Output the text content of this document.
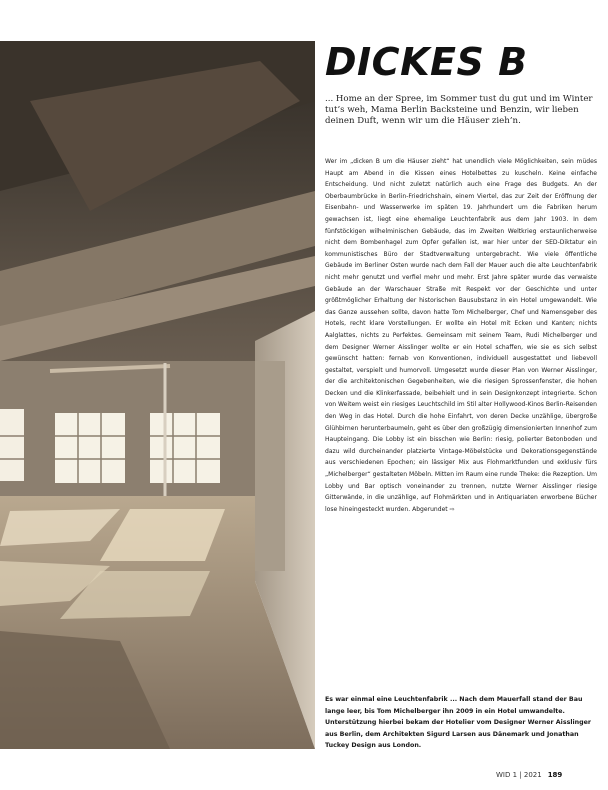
DICKES B

... Home an der Spree, im Sommer tust du gut und im Winter tut’s weh, Mama Berlin Backsteine und Benzin, wir lieben deinen Duft, wenn wir um die Häuser zieh’n.

Wer im „dicken B um die Häuser zieht“ hat unendlich viele Möglichkeiten, sein müdes Haupt am Abend in die Kissen eines Hotelbettes zu kuscheln. Keine einfache Entscheidung. Und nicht zuletzt natürlich auch eine Frage des Budgets. An der Oberbaumbrücke in Berlin-Friedrichshain, einem Viertel, das zur Zeit der Eröffnung der Eisenbahn- und Wasserwerke im späten 19. Jahrhundert um die Fabriken herum gewachsen ist, liegt eine ehemalige Leuchtenfabrik aus dem Jahr 1903. In dem fünfstöckigen wilhelminischen Gebäude, das im Zweiten Weltkrieg erstaunlicherweise nicht dem Bombenhagel zum Opfer gefallen ist, war hier unter der SED-Diktatur ein kommunistisches Büro der Stadtverwaltung untergebracht. Wie viele öffentliche Gebäude im Berliner Osten wurde nach dem Fall der Mauer auch die alte Leuchtenfabrik nicht mehr genutzt und verfiel mehr und mehr. Erst Jahre später wurde das verwaiste Gebäude an der Warschauer Straße mit Respekt vor der Geschichte und unter größtmöglicher Erhaltung der historischen Bausubstanz in ein Hotel umgewandelt. Wie das Ganze aussehen sollte, davon hatte Tom Michelberger, Chef und Namensgeber des Hotels, recht klare Vorstellungen. Er wollte ein Hotel mit Ecken und Kanten; nichts Aalglattes, nichts zu Perfektes. Gemeinsam mit seinem Team, Rudi Michelberger und dem Designer Werner Aisslinger wollte er ein Hotel schaffen, wie sie es sich selbst gewünscht hatten: fernab von Konventionen, individuell ausgestattet und liebevoll gestaltet, verspielt und humorvoll. Umgesetzt wurde dieser Plan von Werner Aisslinger, der die architektonischen Gegebenheiten, wie die riesigen Sprossenfenster, die hohen Decken und die Klinkerfassade, beibehielt und in sein Designkonzept integrierte. Schon von Weitem weist ein riesiges Leuchtschild im Stil alter Hollywood-Kinos Berlin-Reisenden den Weg in das Hotel. Durch die hohe Einfahrt, von deren Decke unzählige, übergroße Glühbirnen herunterbaumeln, geht es über den großzügig dimensionierten Innenhof zum Haupteingang. Die Lobby ist ein bisschen wie Berlin: riesig, polierter Betonboden und dazu wild durcheinander platzierte Vintage-Möbelstücke und Dekorationsgegenstände aus verschiedenen Epochen; ein lässiger Mix aus Flohmarktfunden und exklusiv fürs „Michelberger“ gestalteten Möbeln. Mitten im Raum eine runde Theke: die Rezeption. Um Lobby und Bar optisch voneinander zu trennen, nutzte Werner Aisslinger riesige Gitterwände, in die unzählige, auf Flohmärkten und in Antiquariaten erworbene Bücher lose hineingesteckt wurden. Abgerundet ⇨

Es war einmal eine Leuchtenfabrik ... Nach dem Mauerfall stand der Bau lange leer, bis Tom Michelberger ihn 2009 in ein Hotel umwandelte. Unterstützung hierbei bekam der Hotelier vom Designer Werner Aisslinger aus Berlin, dem Architekten Sigurd Larsen aus Dänemark und Jonathan Tuckey Design aus London.

WID 1 | 2021 189
